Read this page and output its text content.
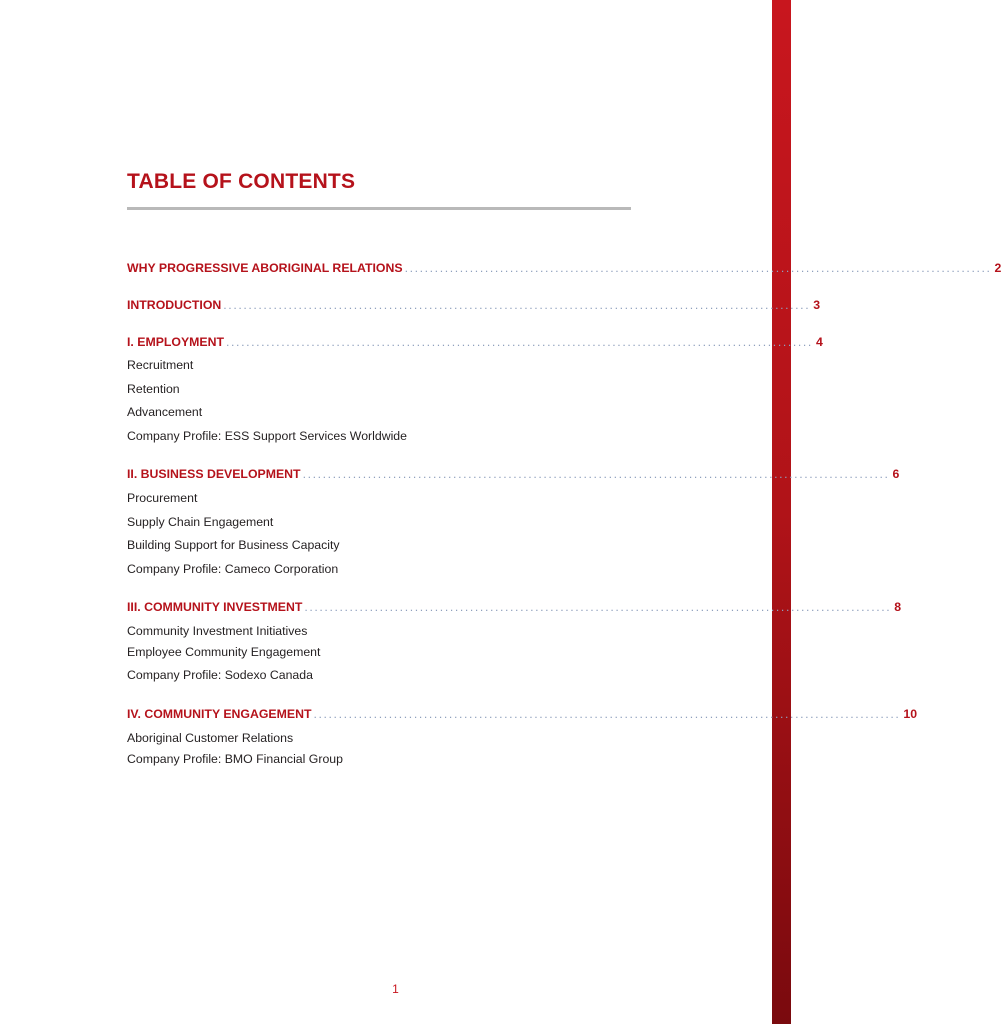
TABLE OF CONTENTS
WHY PROGRESSIVE ABORIGINAL RELATIONS ..................................................................................................................... 2
INTRODUCTION ..................................................................................................................... 3
I. EMPLOYMENT ..................................................................................................................... 4
Recruitment
Retention
Advancement
Company Profile: ESS Support Services Worldwide
II. BUSINESS DEVELOPMENT ..................................................................................................................... 6
Procurement
Supply Chain Engagement
Building Support for Business Capacity
Company Profile: Cameco Corporation
III. COMMUNITY INVESTMENT ..................................................................................................................... 8
Community Investment Initiatives
Employee Community Engagement
Company Profile: Sodexo Canada
IV. COMMUNITY ENGAGEMENT ..................................................................................................................... 10
Aboriginal Customer Relations
Company Profile: BMO Financial Group
1
